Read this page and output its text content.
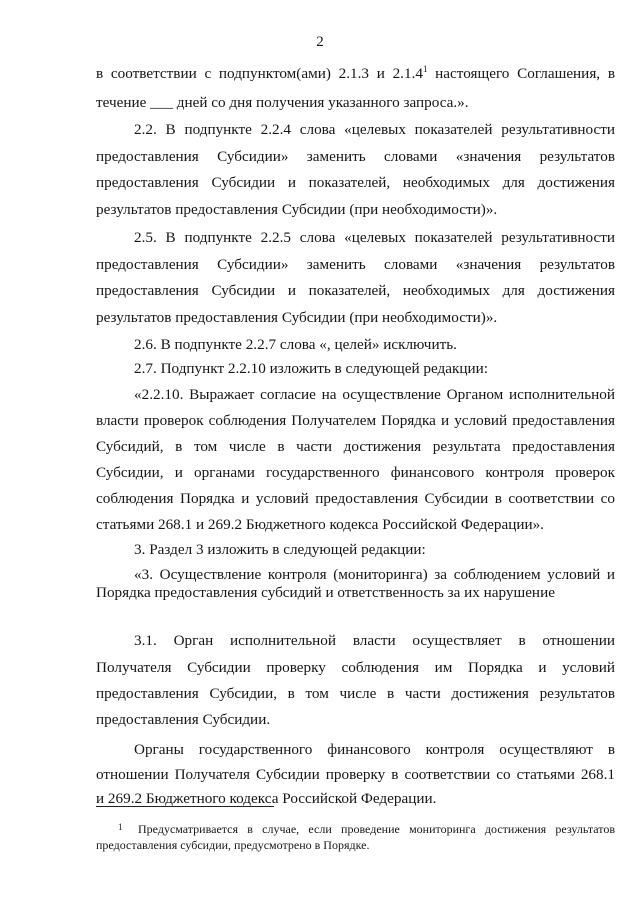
2
в соответствии с подпунктом(ами) 2.1.3 и 2.1.4$^1$ настоящего Соглашения, в
течение ___ дней со дня получения указанного запроса.».
2.2. В подпункте 2.2.4 слова «целевых показателей результативности
предоставления Субсидии» заменить словами «значения результатов
предоставления Субсидии и показателей, необходимых для достижения
результатов предоставления Субсидии (при необходимости)».
2.5. В подпункте 2.2.5 слова «целевых показателей результативности
предоставления Субсидии» заменить словами «значения результатов
предоставления Субсидии и показателей, необходимых для достижения
результатов предоставления Субсидии (при необходимости)».
2.6. В подпункте 2.2.7 слова «, целей» исключить.
2.7. Подпункт 2.2.10 изложить в следующей редакции:
«2.2.10. Выражает согласие на осуществление Органом исполнительной
власти проверок соблюдения Получателем Порядка и условий предоставления
Субсидий, в том числе в части достижения результата предоставления
Субсидии, и органами государственного финансового контроля проверок
соблюдения Порядка и условий предоставления Субсидии в соответствии со
статьями 268.1 и 269.2 Бюджетного кодекса Российской Федерации».
3. Раздел 3 изложить в следующей редакции:
«3. Осуществление контроля (мониторинга) за соблюдением условий и
Порядка предоставления субсидий и ответственность за их нарушение
3.1. Орган исполнительной власти осуществляет в отношении
Получателя Субсидии проверку соблюдения им Порядка и условий
предоставления Субсидии, в том числе в части достижения результатов
предоставления Субсидии.
Органы государственного финансового контроля осуществляют в
отношении Получателя Субсидии проверку в соответствии со статьями 268.1
и 269.2 Бюджетного кодекса Российской Федерации.
1 Предусматривается в случае, если проведение мониторинга достижения результатов
предоставления субсидии, предусмотрено в Порядке.
